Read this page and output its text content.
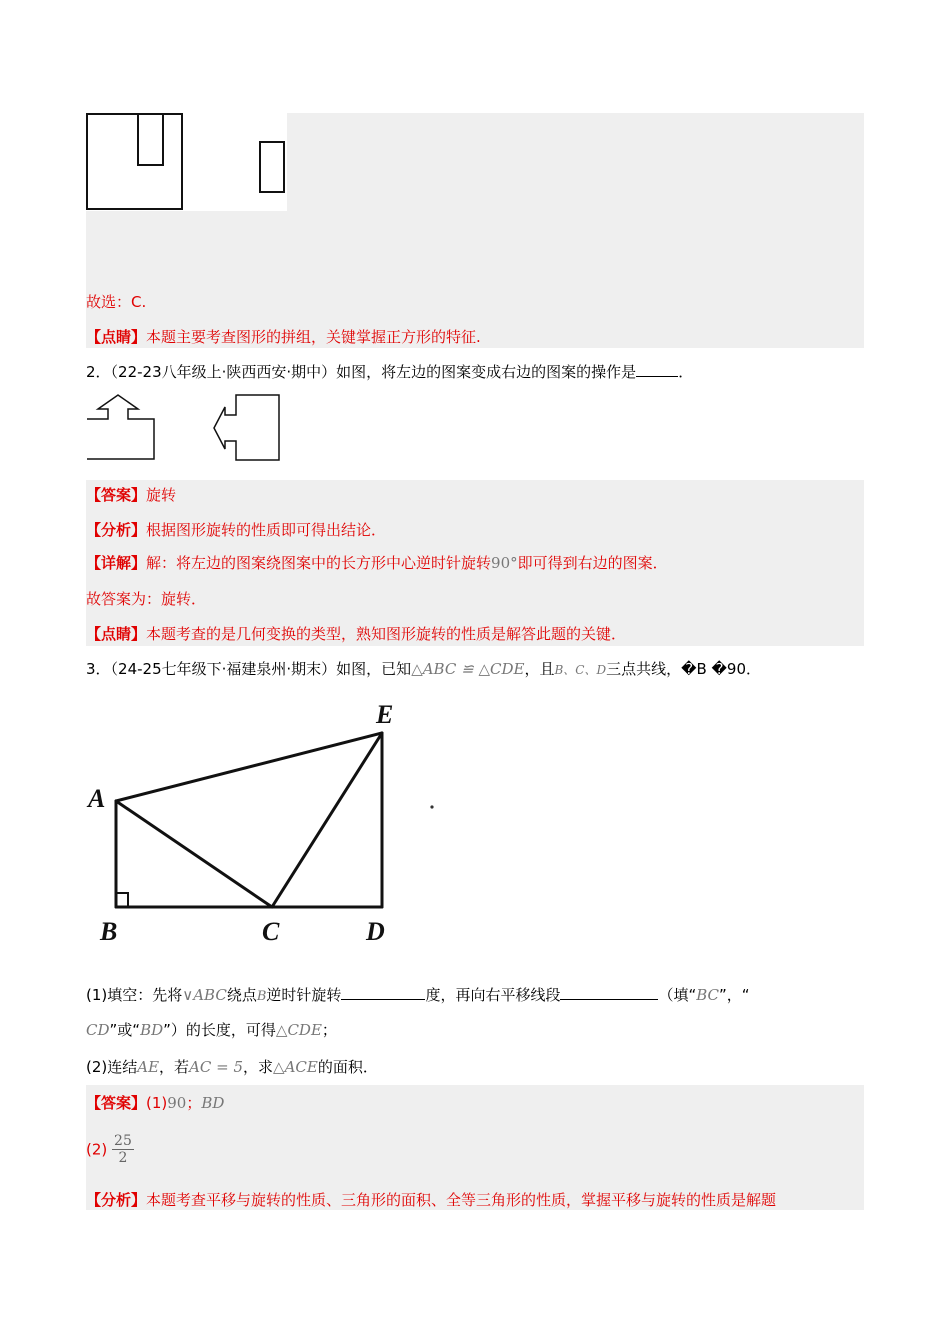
故选：C.
【点睛】本题主要考查图形的拼组，关键掌握正方形的特征.
2．（22-23八年级上·陕西西安·期中）如图，将左边的图案变成右边的图案的操作是	．
【答案】旋转
【分析】根据图形旋转的性质即可得出结论．
【详解】解：将左边的图案绕图案中的长方形中心逆时针旋转90°即可得到右边的图案．
故答案为：旋转．
【点睛】本题考查的是几何变换的类型，熟知图形旋转的性质是解答此题的关键．
3．（24-25七年级下·福建泉州·期末）如图，已知△ABC ≌ △CDE，且B、C、D三点共线，�B �90．
A
B	C	D
E
(1)填空：先将∨ABC绕点B逆时针旋转	度，再向右平移线段	（填“BC”，“
CD”或“BD”）的长度，可得△CDE；
(2)连结AE，若AC = 5，求△ACE的面积．
【答案】(1)90；BD
$(2) \frac{25}{2}$
【分析】本题考查平移与旋转的性质、三角形的面积、全等三角形的性质，掌握平移与旋转的性质是解题
